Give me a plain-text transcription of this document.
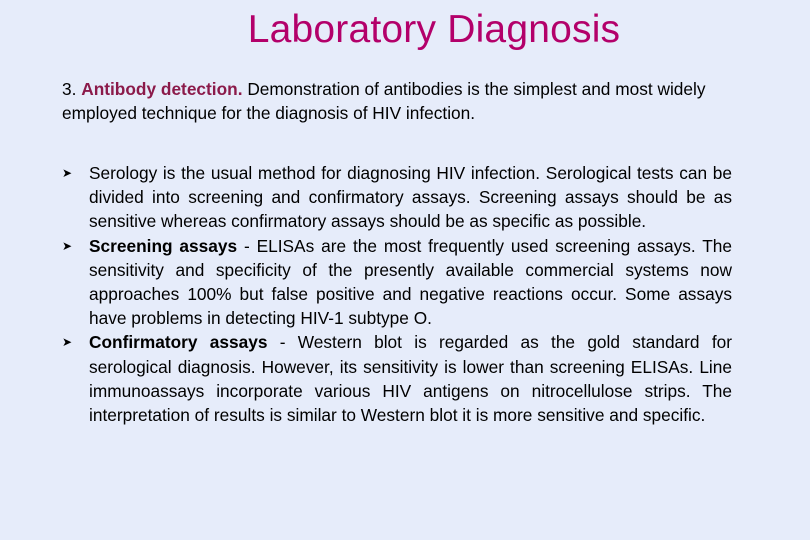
Laboratory Diagnosis
3. Antibody detection. Demonstration of antibodies is the simplest and most widely employed technique for the diagnosis of HIV infection.
➤ Serology is the usual method for diagnosing HIV infection. Serological tests can be divided into screening and confirmatory assays. Screening assays should be as sensitive whereas confirmatory assays should be as specific as possible.
➤ Screening assays - ELISAs are the most frequently used screening assays. The sensitivity and specificity of the presently available commercial systems now approaches 100% but false positive and negative reactions occur. Some assays have problems in detecting HIV-1 subtype O.
➤ Confirmatory assays - Western blot is regarded as the gold standard for serological diagnosis. However, its sensitivity is lower than screening ELISAs. Line immunoassays incorporate various HIV antigens on nitrocellulose strips. The interpretation of results is similar to Western blot it is more sensitive and specific.
